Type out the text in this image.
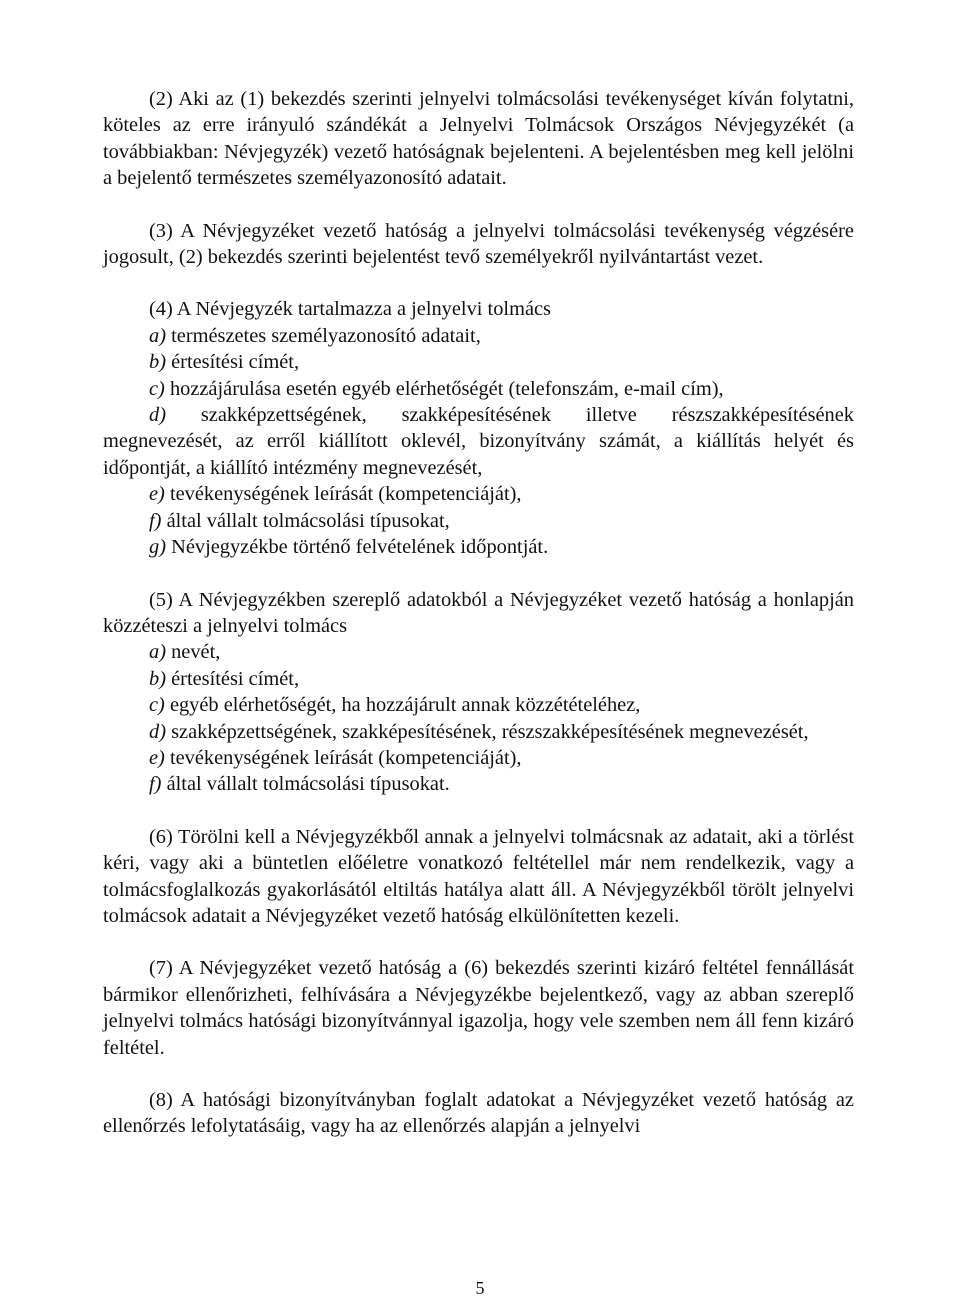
(2) Aki az (1) bekezdés szerinti jelnyelvi tolmácsolási tevékenységet kíván folytatni, köteles az erre irányuló szándékát a Jelnyelvi Tolmácsok Országos Névjegyzékét (a továbbiakban: Névjegyzék) vezető hatóságnak bejelenteni. A bejelentésben meg kell jelölni a bejelentő természetes személyazonosító adatait.

(3) A Névjegyzéket vezető hatóság a jelnyelvi tolmácsolási tevékenység végzésére jogosult, (2) bekezdés szerinti bejelentést tevő személyekről nyilvántartást vezet.

(4) A Névjegyzék tartalmazza a jelnyelvi tolmács
a) természetes személyazonosító adatait,
b) értesítési címét,
c) hozzájárulása esetén egyéb elérhetőségét (telefonszám, e-mail cím),
d) szakképzettségének, szakképesítésének illetve részszakképesítésének megnevezését, az erről kiállított oklevél, bizonyítvány számát, a kiállítás helyét és időpontját, a kiállító intézmény megnevezését,
e) tevékenységének leírását (kompetenciáját),
f) által vállalt tolmácsolási típusokat,
g) Névjegyzékbe történő felvételének időpontját.
(5) A Névjegyzékben szereplő adatokból a Névjegyzéket vezető hatóság a honlapján közzéteszi a jelnyelvi tolmács
a) nevét,
b) értesítési címét,
c) egyéb elérhetőségét, ha hozzájárult annak közzétételéhez,
d) szakképzettségének, szakképesítésének, részszakképesítésének megnevezését,
e) tevékenységének leírását (kompetenciáját),
f) által vállalt tolmácsolási típusokat.

(6) Törölni kell a Névjegyzékből annak a jelnyelvi tolmácsnak az adatait, aki a törlést kéri, vagy aki a büntetlen előéletre vonatkozó feltétellel már nem rendelkezik, vagy a tolmácsfoglalkozás gyakorlásától eltiltás hatálya alatt áll. A Névjegyzékből törölt jelnyelvi tolmácsok adatait a Névjegyzéket vezető hatóság elkülönítetten kezeli.

(7) A Névjegyzéket vezető hatóság a (6) bekezdés szerinti kizáró feltétel fennállását bármikor ellenőrizheti, felhívására a Névjegyzékbe bejelentkező, vagy az abban szereplő jelnyelvi tolmács hatósági bizonyítvánnyal igazolja, hogy vele szemben nem áll fenn kizáró feltétel.

(8) A hatósági bizonyítványban foglalt adatokat a Névjegyzéket vezető hatóság az ellenőrzés lefolytatásáig, vagy ha az ellenőrzés alapján a jelnyelvi

5
